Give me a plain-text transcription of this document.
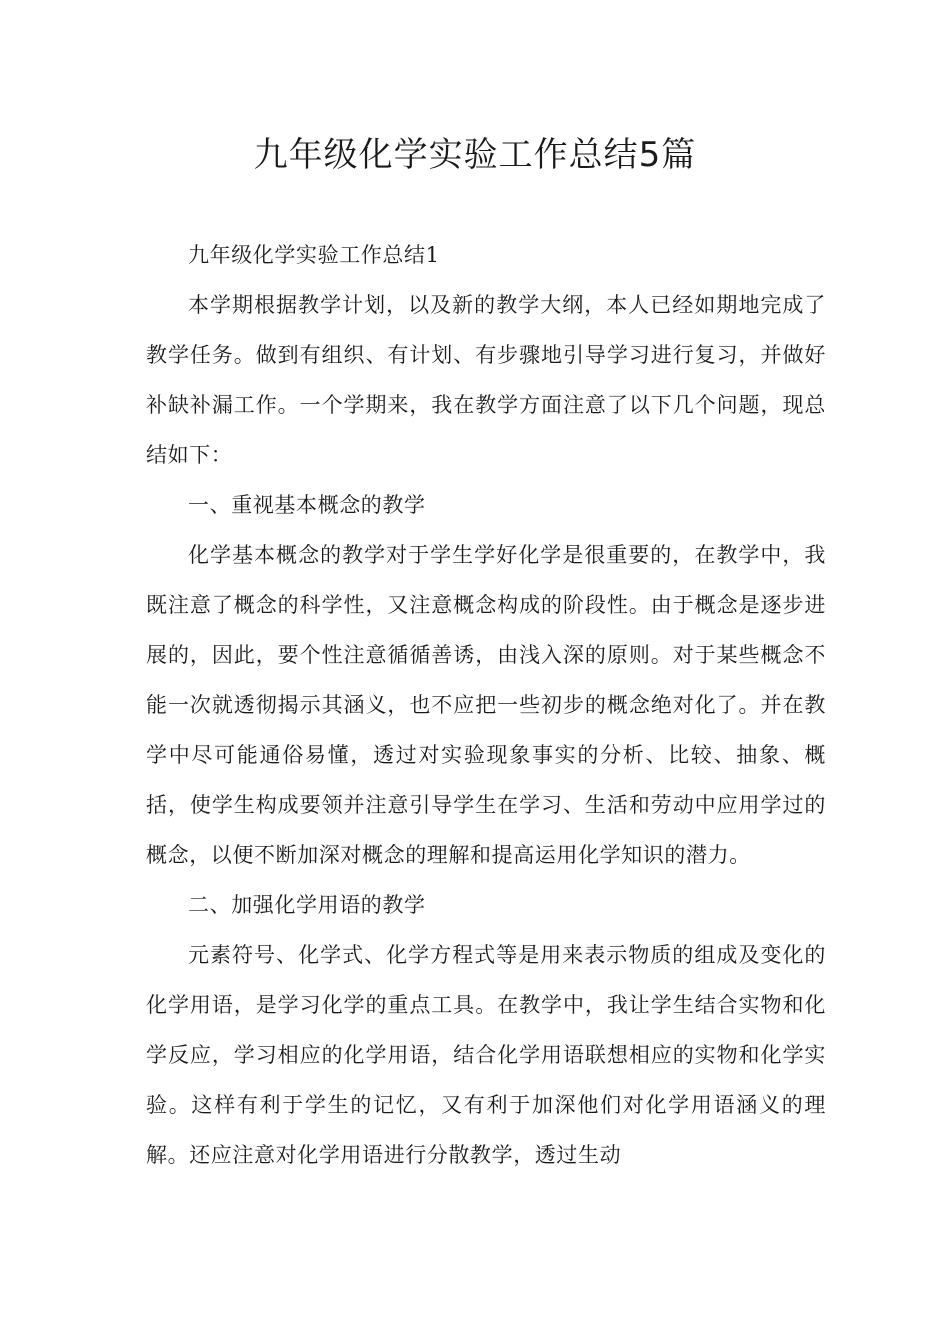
九年级化学实验工作总结5篇

九年级化学实验工作总结1

本学期根据教学计划，以及新的教学大纲，本人已经如期地完成了教学任务。做到有组织、有计划、有步骤地引导学习进行复习，并做好补缺补漏工作。一个学期来，我在教学方面注意了以下几个问题，现总结如下：

一、重视基本概念的教学

化学基本概念的教学对于学生学好化学是很重要的，在教学中，我既注意了概念的科学性，又注意概念构成的阶段性。由于概念是逐步进展的，因此，要个性注意循循善诱，由浅入深的原则。对于某些概念不能一次就透彻揭示其涵义，也不应把一些初步的概念绝对化了。并在教学中尽可能通俗易懂，透过对实验现象事实的分析、比较、抽象、概括，使学生构成要领并注意引导学生在学习、生活和劳动中应用学过的概念，以便不断加深对概念的理解和提高运用化学知识的潜力。

二、加强化学用语的教学

元素符号、化学式、化学方程式等是用来表示物质的组成及变化的化学用语，是学习化学的重点工具。在教学中，我让学生结合实物和化学反应，学习相应的化学用语，结合化学用语联想相应的实物和化学实验。这样有利于学生的记忆，又有利于加深他们对化学用语涵义的理解。还应注意对化学用语进行分散教学，透过生动
